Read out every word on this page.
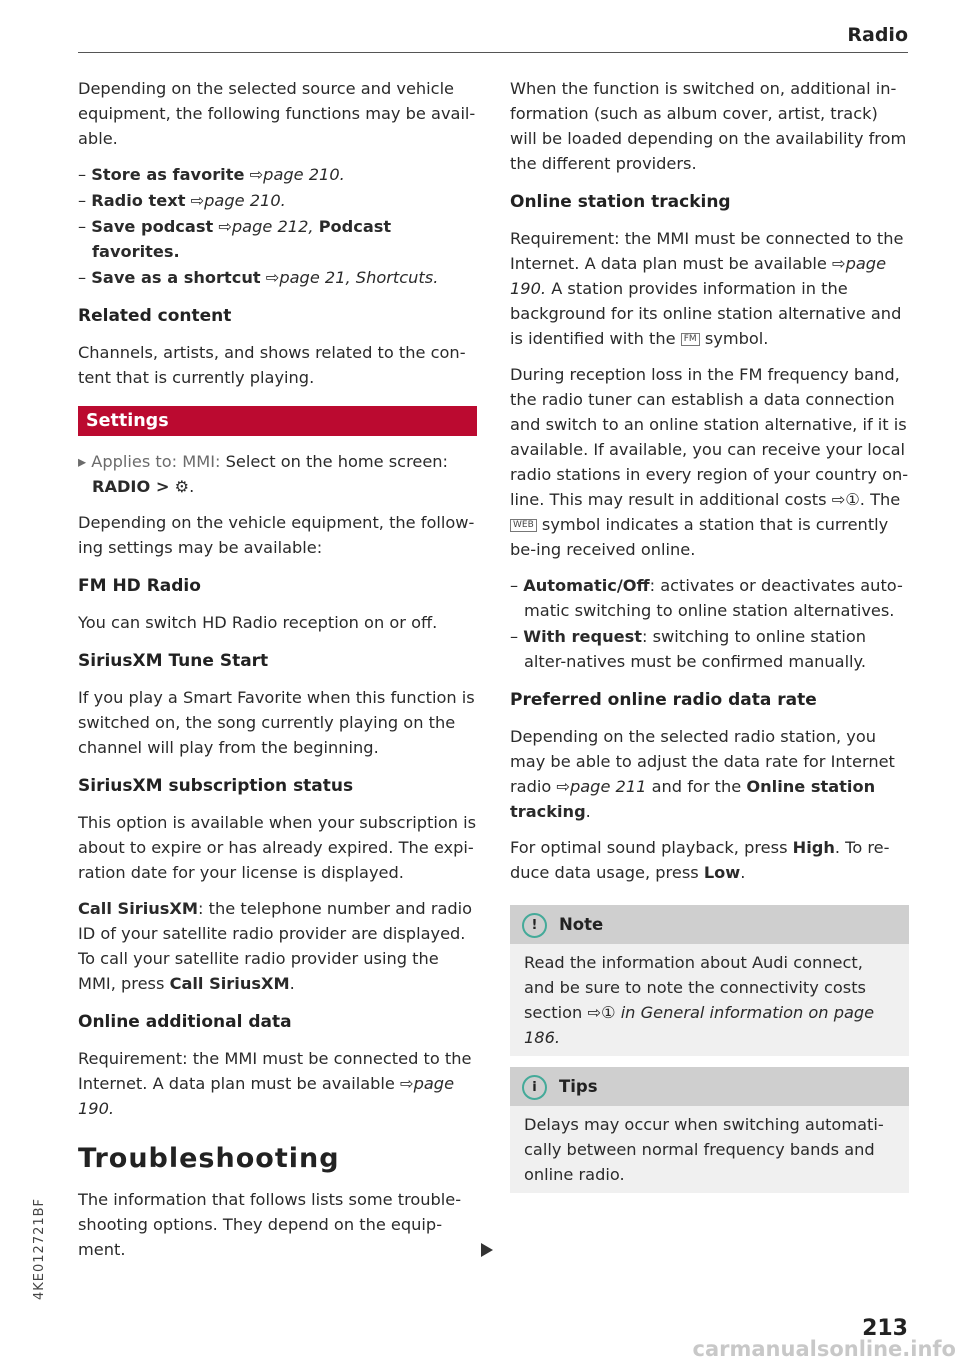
Radio

Depending on the selected source and vehicle equipment, the following functions may be avail-able.

– Store as favorite ⇨page 210.
– Radio text ⇨page 210.
– Save podcast ⇨page 212, Podcast favorites.
– Save as a shortcut ⇨page 21, Shortcuts.
Related content

Channels, artists, and shows related to the con-tent that is currently playing.

Settings

▸ Applies to: MMI: Select on the home screen:
RADIO > ⚙.

Depending on the vehicle equipment, the follow-ing settings may be available:

FM HD Radio

You can switch HD Radio reception on or off.

SiriusXM Tune Start

If you play a Smart Favorite when this function is switched on, the song currently playing on the channel will play from the beginning.

SiriusXM subscription status

This option is available when your subscription is about to expire or has already expired. The expi-ration date for your license is displayed.

Call SiriusXM: the telephone number and radio ID of your satellite radio provider are displayed. To call your satellite radio provider using the MMI, press Call SiriusXM.

Online additional data

Requirement: the MMI must be connected to the Internet. A data plan must be available ⇨page 190.

Troubleshooting

The information that follows lists some trouble-shooting options. They depend on the equip-ment.

When the function is switched on, additional in-formation (such as album cover, artist, track) will be loaded depending on the availability from the different providers.

Online station tracking

Requirement: the MMI must be connected to the Internet. A data plan must be available ⇨page 190. A station provides information in the background for its online station alternative and is identified with the FM symbol.

During reception loss in the FM frequency band, the radio tuner can establish a data connection and switch to an online station alternative, if it is available. If available, you can receive your local radio stations in every region of your country on-line. This may result in additional costs ⇨①. The WEB symbol indicates a station that is currently be-ing received online.

– Automatic/Off: activates or deactivates auto-matic switching to online station alternatives.
– With request: switching to online station alter-natives must be confirmed manually.
Preferred online radio data rate

Depending on the selected radio station, you may be able to adjust the data rate for Internet radio ⇨page 211 and for the Online station tracking.

For optimal sound playback, press High. To re-duce data usage, press Low.

! Note
Read the information about Audi connect, and be sure to note the connectivity costs section ⇨① in General information on page 186.
i Tips
Delays may occur when switching automati-cally between normal frequency bands and online radio.
4KE012721BF
213
carmanualsonline.info
